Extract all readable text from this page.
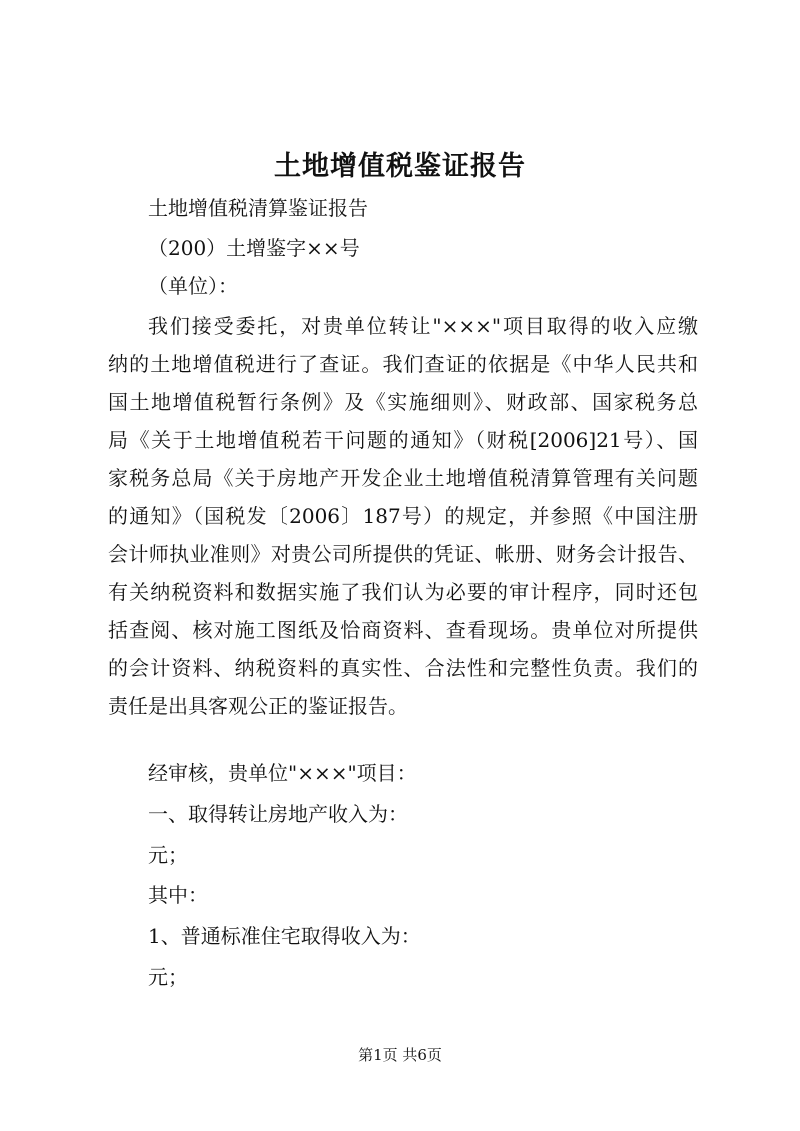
土地增值税鉴证报告

土地增值税清算鉴证报告

（200）土增鉴字××号

（单位）：

我们接受委托，对贵单位转让"×××"项目取得的收入应缴
纳的土地增值税进行了查证。我们查证的依据是《中华人民共和
国土地增值税暂行条例》及《实施细则》、财政部、国家税务总
局《关于土地增值税若干问题的通知》（财税[2006]21号）、国
家税务总局《关于房地产开发企业土地增值税清算管理有关问题
的通知》（国税发〔2006〕187号）的规定，并参照《中国注册
会计师执业准则》对贵公司所提供的凭证、帐册、财务会计报告、
有关纳税资料和数据实施了我们认为必要的审计程序，同时还包
括查阅、核对施工图纸及恰商资料、查看现场。贵单位对所提供
的会计资料、纳税资料的真实性、合法性和完整性负责。我们的
责任是出具客观公正的鉴证报告。

经审核，贵单位"×××"项目：

一、取得转让房地产收入为：

元；

其中：

1、普通标准住宅取得收入为：

元；

第1页 共6页
